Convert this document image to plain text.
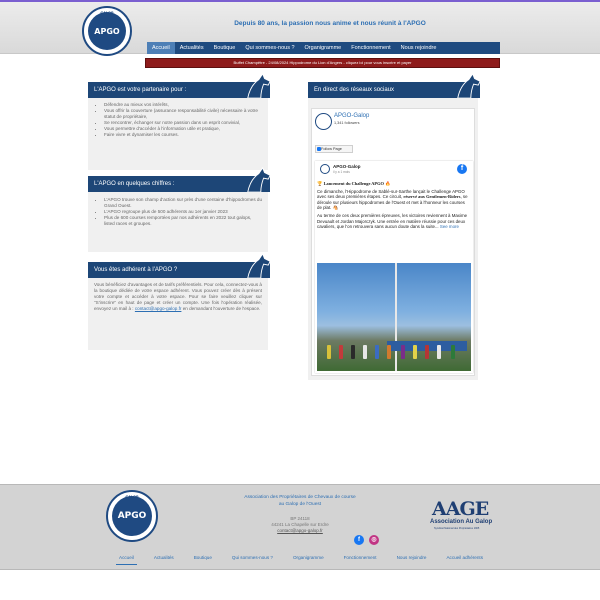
GALOP
APGO
Depuis 80 ans, la passion nous anime et nous réunit à l'APGO
Accueil	Actualités	Boutique	Qui sommes-nous ?	Organigramme	Fonctionnement	Nous rejoindre
Buffet Champêtre - 24/08/2024 Hippodrome du Lion d'Angers - cliquez ici pour vous inscrire et payer
L'APGO est votre partenaire pour :
• Défendre au mieux vos intérêts,
• Vous offrir la couverture (assurance responsabilité civile) nécessaire à votre statut de propriétaire,
• Se rencontrer, échanger sur notre passion dans un esprit convivial,
• Vous permettre d'accéder à l'information utile et pratique,
• Faire vivre et dynamiser les courses.
L'APGO en quelques chiffres :
• L'APGO trouve son champ d'action sur près d'une centaine d'hippodromes du Grand Ouest.
• L'APGO regroupe plus de 500 adhérents au 1er janvier 2023
• Plus de 600 courses remportées par nos adhérents en 2022 tout galops, listed races et groupes.
Vous êtes adhérent à l'APGO ?

Vous bénéficiez d'avantages et de tarifs préférentiels. Pour cela, connectez-vous à la boutique dédiée de votre espace adhérent. Vous pouvez créer dès à présent votre compte et accéder à votre espace. Pour se faire veuillez cliquer sur "S'inscrire" en haut de page et créer un compte. Une fois l'opération réalisée, envoyez un mail à : contact@apgo-galop.fr en demandant l'ouverture de l'espace.

En direct des réseaux sociaux
APGO-Galop
1,341 followers
Follow Page
APGO-Galop
il y a 1 mois	f
🏆 Lancement du Challenge APGO 🔥
Ce dimanche, l'Hippodrome de Sablé-sur-Sarthe lançait le Challenge APGO avec ses deux premières étapes. Ce circuit, réservé aux Gentlemen-Riders, se déroule sur plusieurs hippodromes de l'Ouest et met à l'honneur les courses de plat. 🐴
Au terme de ces deux premières épreuves, les victoires reviennent à Maxime Devuault et Jordan Majorczyk. Une entrée en matière réussie pour ces deux cavaliers, que l'on retrouvera sans aucun doute dans la suite... See more
GALOP
APGO
Association des Propriétaires de Chevaux de course
au Galop de l'Ouest
BP 24118
44241 La Chapelle sur Erdre
contact@apgo-galop.fr
f	◎
AAGE
Association Au Galop
Syndicat National des Propriétaires 1905
Accueil	Actualités	Boutique	Qui sommes-nous ?	Organigramme	Fonctionnement	Nous rejoindre	Accueil adhérents
